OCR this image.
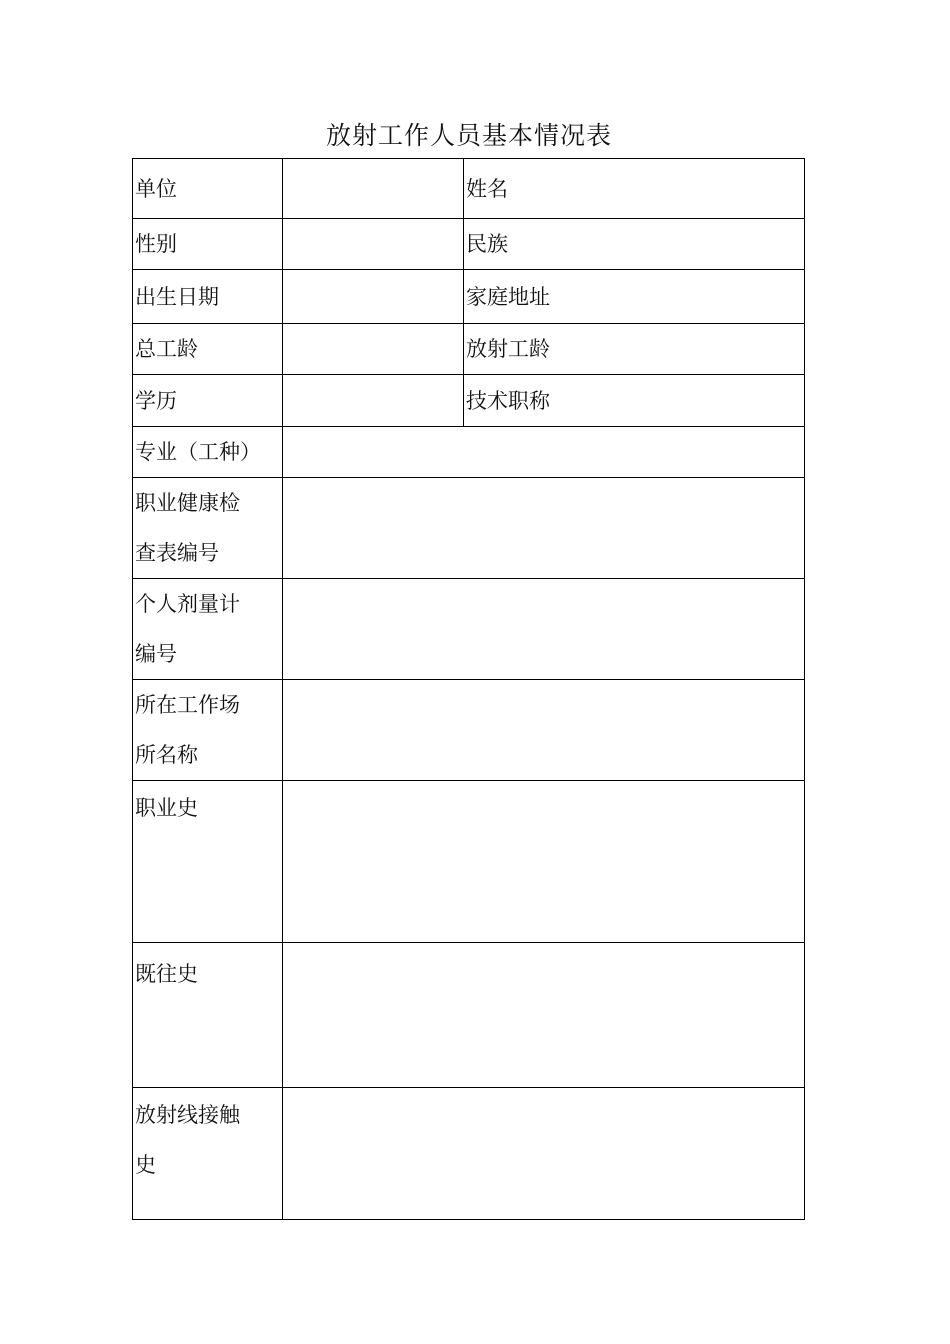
放射工作人员基本情况表
单位		姓名
性别		民族
出生日期		家庭地址
总工龄		放射工龄
学历		技术职称
专业（工种）		

职业健康检
查表编号		

个人剂量计
编号		

所在工作场
所名称		

职业史		
既往史		

放射线接触
史		
